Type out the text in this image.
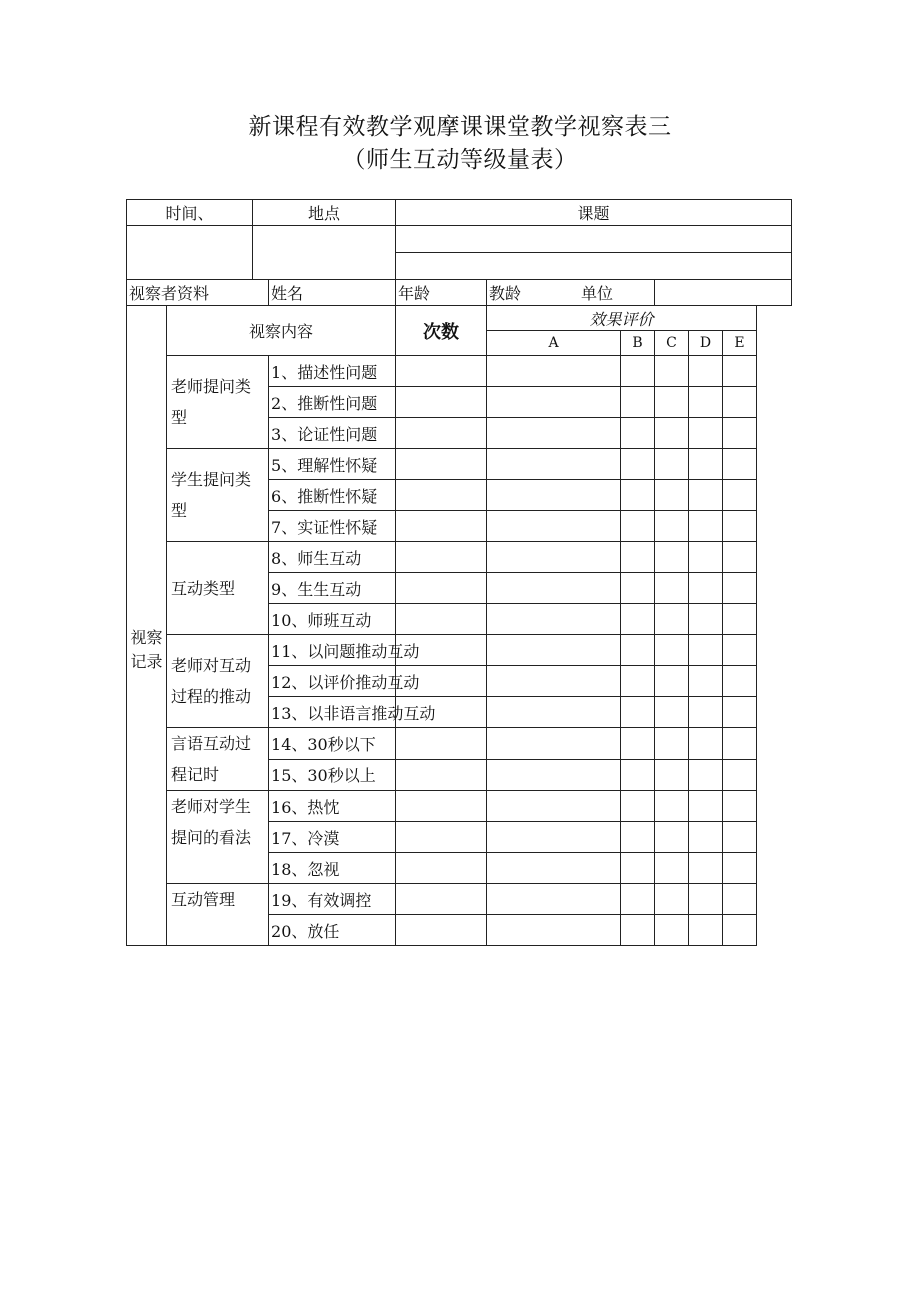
新课程有效教学观摩课课堂教学视察表三
（师生互动等级量表）
时间、		地点		课题					

视察者资料			姓名	年龄	教龄 单位				
	视察内容			次数	效果评价				
					A	B	C	D	E
视察
记录	老师提问类型		1、描述性问题						
			2、推断性问题						
			3、论证性问题						
	学生提问类型		5、理解性怀疑						
			6、推断性怀疑						
			7、实证性怀疑						
	互动类型		8、师生互动						
			9、生生互动						
			10、师班互动						
	老师对互动过程的推动		11、以问题推动互动						
			12、以评价推动互动						
			13、以非语言推动互动						
	言语互动过程记时		14、30秒以下						
			15、30秒以上						
	老师对学生提问的看法		16、热忱						
			17、冷漠						
			18、忽视						
	互动管理		19、有效调控						
			20、放任						
